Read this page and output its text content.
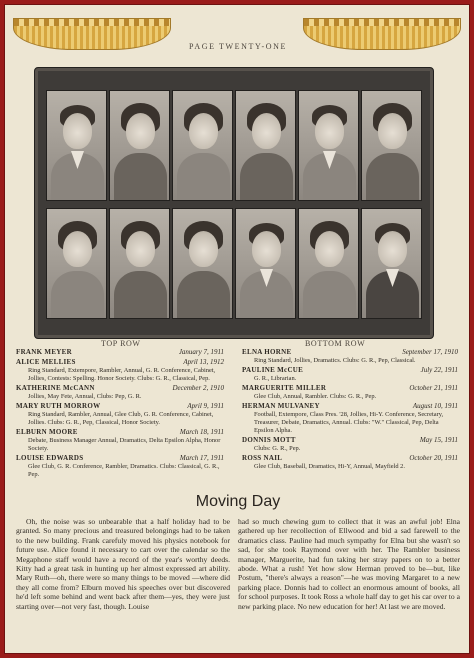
PAGE TWENTY-ONE
TOP ROW	BOTTOM ROW
FRANK MEYER	January 7, 1911
ALICE MELLIES	April 13, 1912
Ring Standard, Extempore, Rambler, Annual, G. R. Conference, Cabinet, Jollies, Contests: Spelling. Honor Society. Clubs: G. R., Classical, Pep.
KATHERINE McCANN	December 2, 1910
Jollies, May Fete, Annual, Clubs: Pep, G. R.
MARY RUTH MORROW	April 9, 1911
Ring Standard, Rambler, Annual, Glee Club, G. R. Conference, Cabinet, Jollies. Clubs: G. R., Pep, Classical, Honor Society.
ELBURN MOORE	March 18, 1911
Debate, Business Manager Annual, Dramatics, Delta Epsilon Alpha, Honor Society.
LOUISE EDWARDS	March 17, 1911
Glee Club, G. R. Conference, Rambler, Dramatics. Clubs: Classical, G. R., Pep.
ELNA HORNE	September 17, 1910
Ring Standard, Jollies, Dramatics. Clubs: G. R., Pep, Classical.
PAULINE McCUE	July 22, 1911
G. R., Librarian.
MARGUERITE MILLER	October 21, 1911
Glee Club, Annual, Rambler. Clubs: G. R., Pep.
HERMAN MULVANEY	August 10, 1911
Football, Extempore, Class Pres. '28, Jollies, Hi-Y. Conference, Secretary, Treasurer, Debate, Dramatics, Annual. Clubs: "W." Classical, Pep, Delta Epsilon Alpha.
DONNIS MOTT	May 15, 1911
Clubs: G. R., Pep.
ROSS NAIL	October 20, 1911
Glee Club, Baseball, Dramatics, Hi-Y, Annual, Mayfield 2.
Moving Day
Oh, the noise was so unbearable that a half holiday had to be granted. So many precious and treasured belongings had to be taken to the new building. Frank carefuly moved his physics notebook for future use. Alice found it necessary to cart over the calendar so the Megaphone staff would have a record of the year's worthy deeds. Kitty had a great task in hunting up her almost expressed art ability. Mary Ruth—oh, there were so many things to be moved —where did they all come from? Elburn moved his speeches over but discovered he'd left some behind and went back after them—yes, they were just starting over—not very fast, though. Louise
had so much chewing gum to collect that it was an awful job! Elna gathered up her recollection of Ellwood and bid a sad farewell to the dramatics class. Pauline had much sympathy for Elna but she wasn't so sad, for she took Raymond over with her. The Rambler business manager, Marguerite, had fun taking her stray papers on to a better abode. What a rush! Yet how slow Herman proved to be—but, like Postum, "there's always a reason"—he was moving Margaret to a new parking place. Donnis had to collect an enormous amount of books, all for school purposes. It took Ross a whole half day to get his car over to a new parking place. No new education for her! At last we are moved.
